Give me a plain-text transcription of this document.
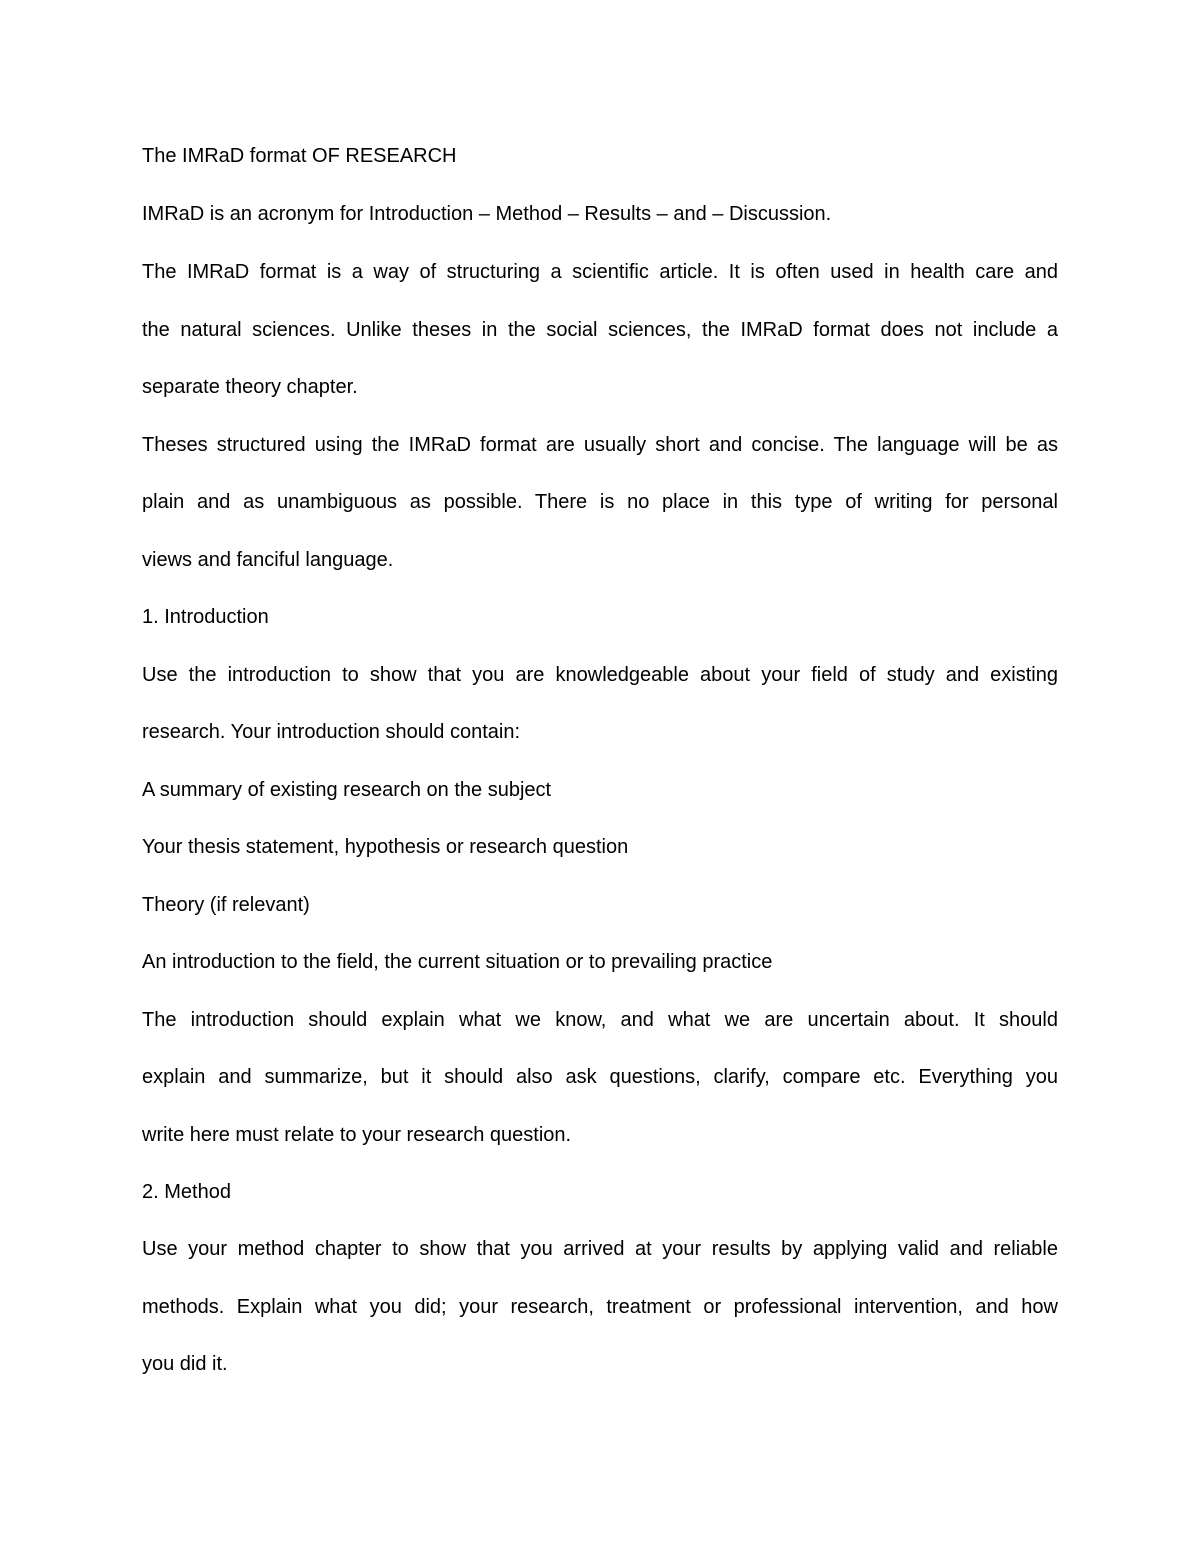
The IMRaD format OF RESEARCH
IMRaD is an acronym for Introduction – Method – Results – and – Discussion.
The IMRaD format is a way of structuring a scientific article. It is often used in health care and
the natural sciences. Unlike theses in the social sciences, the IMRaD format does not include a
separate theory chapter.
Theses structured using the IMRaD format are usually short and concise. The language will be as
plain and as unambiguous as possible. There is no place in this type of writing for personal
views and fanciful language.
1. Introduction
Use the introduction to show that you are knowledgeable about your field of study and existing
research. Your introduction should contain:
A summary of existing research on the subject
Your thesis statement, hypothesis or research question
Theory (if relevant)
An introduction to the field, the current situation or to prevailing practice
The introduction should explain what we know, and what we are uncertain about. It should
explain and summarize, but it should also ask questions, clarify, compare etc. Everything you
write here must relate to your research question.
2. Method
Use your method chapter to show that you arrived at your results by applying valid and reliable
methods. Explain what you did; your research, treatment or professional intervention, and how
you did it.
